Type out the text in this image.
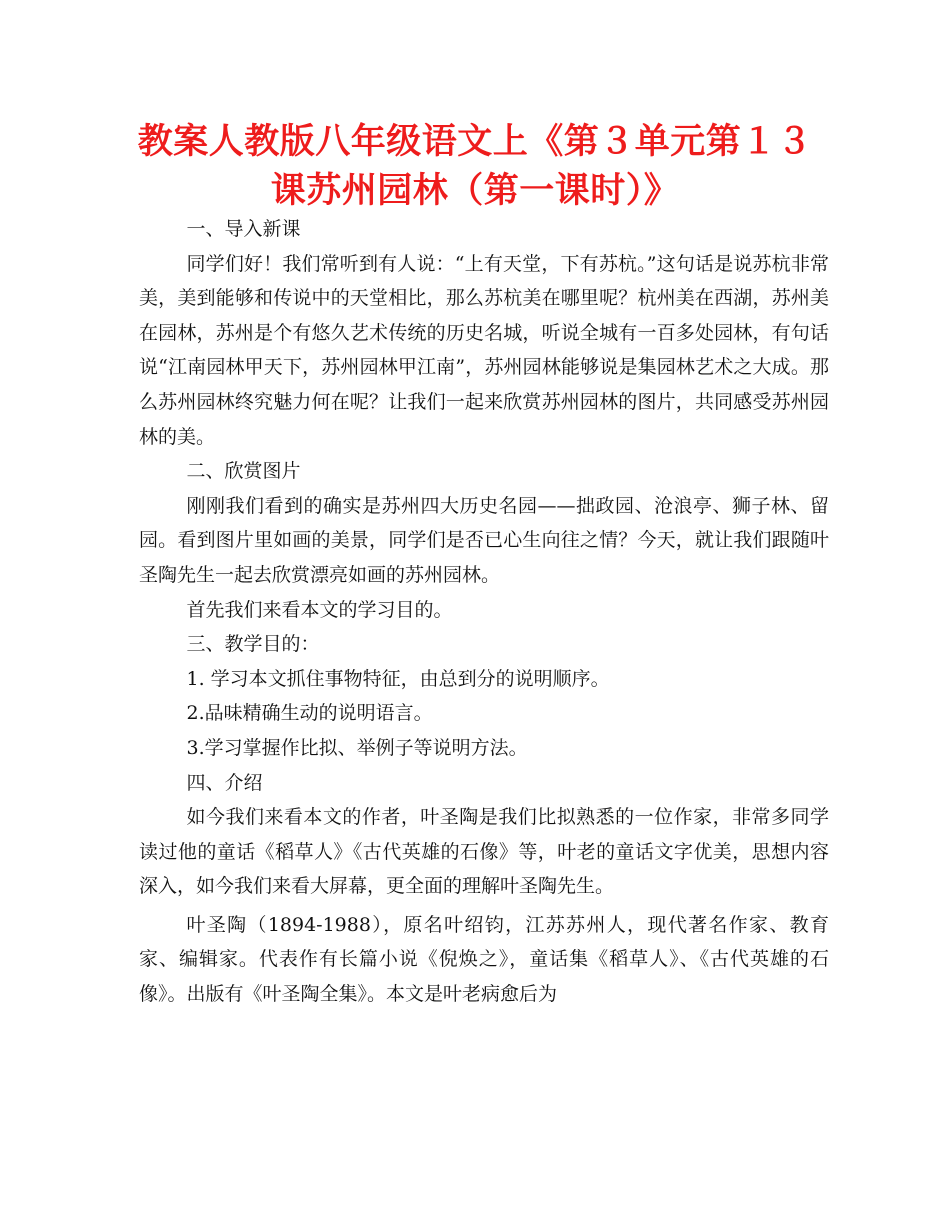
教案人教版八年级语文上《第３单元第１３
课苏州园林（第一课时）》

一、导入新课

同学们好！我们常听到有人说：“上有天堂，下有苏杭。”这句话是说苏杭非常美，美到能够和传说中的天堂相比，那么苏杭美在哪里呢？杭州美在西湖，苏州美在园林，苏州是个有悠久艺术传统的历史名城，听说全城有一百多处园林，有句话说“江南园林甲天下，苏州园林甲江南”，苏州园林能够说是集园林艺术之大成。那么苏州园林终究魅力何在呢？让我们一起来欣赏苏州园林的图片，共同感受苏州园林的美。

二、欣赏图片

刚刚我们看到的确实是苏州四大历史名园——拙政园、沧浪亭、狮子林、留园。看到图片里如画的美景，同学们是否已心生向往之情？今天，就让我们跟随叶圣陶先生一起去欣赏漂亮如画的苏州园林。

首先我们来看本文的学习目的。

三、教学目的：

1. 学习本文抓住事物特征，由总到分的说明顺序。

2.品味精确生动的说明语言。

3.学习掌握作比拟、举例子等说明方法。

四、介绍

如今我们来看本文的作者，叶圣陶是我们比拟熟悉的一位作家，非常多同学读过他的童话《稻草人》《古代英雄的石像》等，叶老的童话文字优美，思想内容深入，如今我们来看大屏幕，更全面的理解叶圣陶先生。

叶圣陶（1894-1988），原名叶绍钧，江苏苏州人，现代著名作家、教育家、编辑家。代表作有长篇小说《倪焕之》，童话集《稻草人》、《古代英雄的石像》。出版有《叶圣陶全集》。本文是叶老病愈后为
